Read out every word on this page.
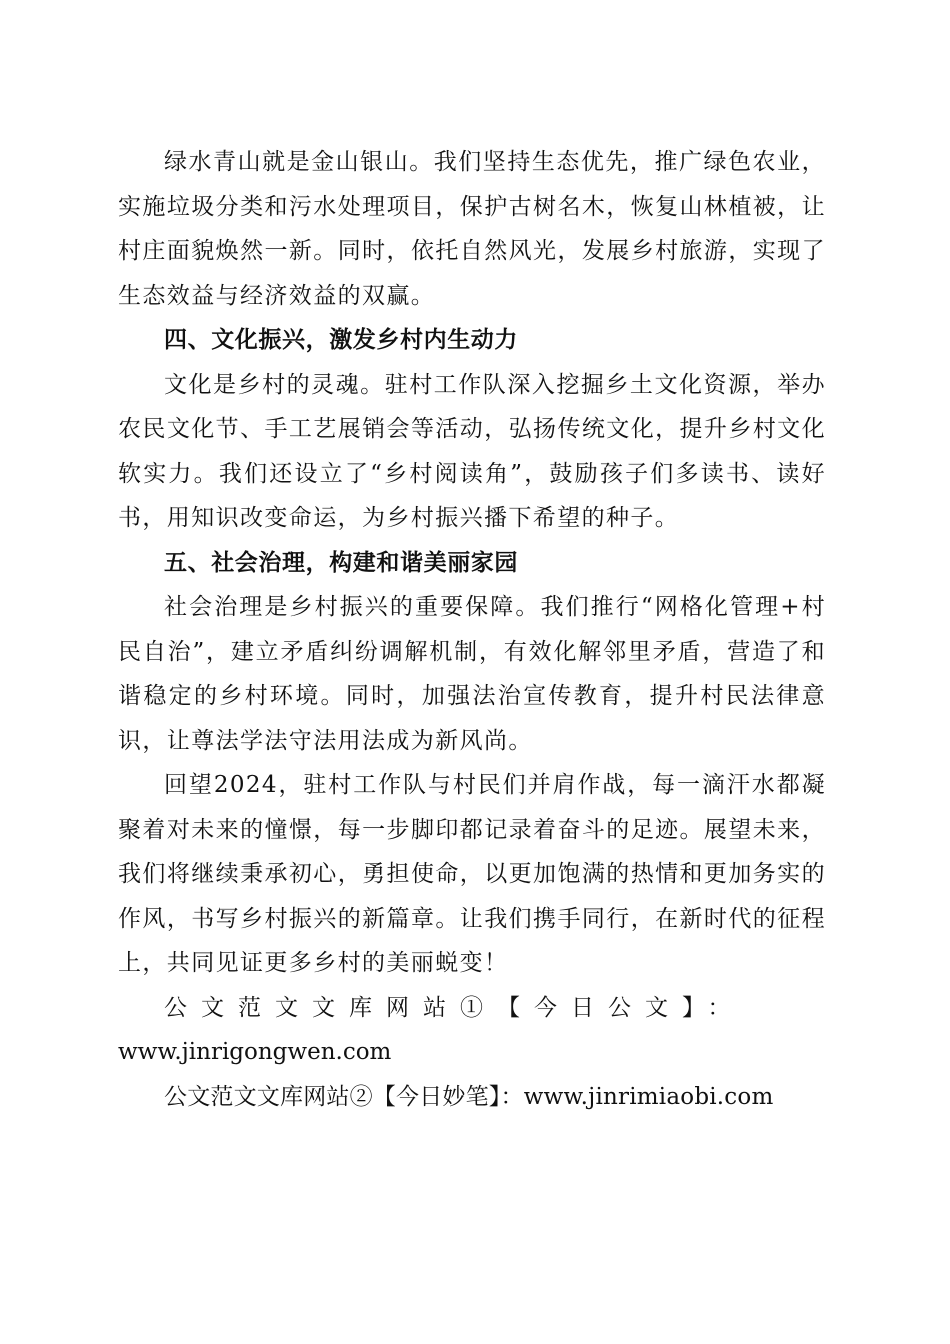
绿水青山就是金山银山。我们坚持生态优先，推广绿色农业，实施垃圾分类和污水处理项目，保护古树名木，恢复山林植被，让村庄面貌焕然一新。同时，依托自然风光，发展乡村旅游，实现了生态效益与经济效益的双赢。

四、文化振兴，激发乡村内生动力

文化是乡村的灵魂。驻村工作队深入挖掘乡土文化资源，举办农民文化节、手工艺展销会等活动，弘扬传统文化，提升乡村文化软实力。我们还设立了“乡村阅读角”，鼓励孩子们多读书、读好书，用知识改变命运，为乡村振兴播下希望的种子。

五、社会治理，构建和谐美丽家园

社会治理是乡村振兴的重要保障。我们推行“网格化管理+村民自治”，建立矛盾纠纷调解机制，有效化解邻里矛盾，营造了和谐稳定的乡村环境。同时，加强法治宣传教育，提升村民法律意识，让尊法学法守法用法成为新风尚。

回望2024，驻村工作队与村民们并肩作战，每一滴汗水都凝聚着对未来的憧憬，每一步脚印都记录着奋斗的足迹。展望未来，我们将继续秉承初心，勇担使命，以更加饱满的热情和更加务实的作风，书写乡村振兴的新篇章。让我们携手同行，在新时代的征程上，共同见证更多乡村的美丽蜕变！

公文范文文库网站①【今日公文】：www.jinrigongwen.com

公文范文文库网站②【今日妙笔】：www.jinrimiaobi.com
